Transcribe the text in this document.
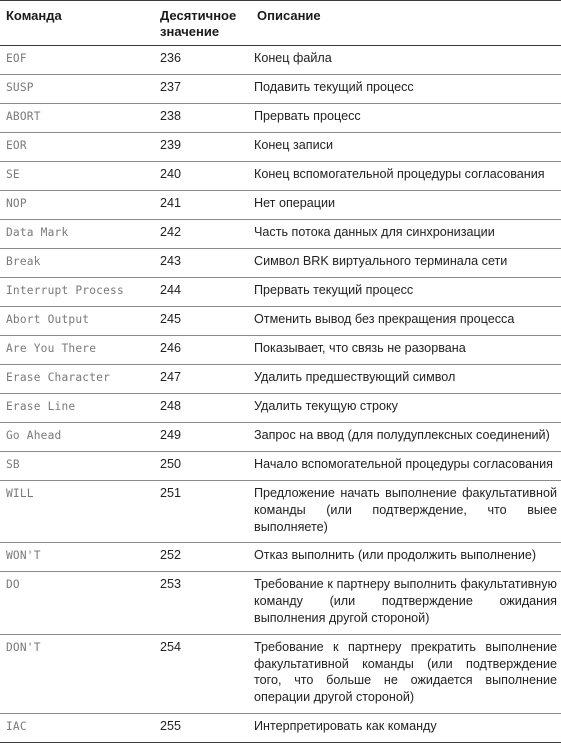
Команда	Десятичное значение	Описание
EOF	236	Конец файла
SUSP	237	Подавить текущий процесс
ABORT	238	Прервать процесс
EOR	239	Конец записи
SE	240	Конец вспомогательной процедуры согласования
NOP	241	Нет операции
Data Mark	242	Часть потока данных для синхронизации
Break	243	Символ BRK виртуального терминала сети
Interrupt Process	244	Прервать текущий процесс
Abort Output	245	Отменить вывод без прекращения процесса
Are You There	246	Показывает, что связь не разорвана
Erase Character	247	Удалить предшествующий символ
Erase Line	248	Удалить текущую строку
Go Ahead	249	Запрос на ввод (для полудуплексных соединений)
SB	250	Начало вспомогательной процедуры согласования
WILL	251	Предложение начать выполнение факультативной команды (или подтверждение, что выее выполняете)
WON'T	252	Отказ выполнить (или продолжить выполнение)
DO	253	Требование к партнеру выполнить факультативную команду (или подтверждение ожидания выполнения другой стороной)
DON'T	254	Требование к партнеру прекратить выполнение факультативной команды (или подтверждение того, что больше не ожидается выполнение операции другой стороной)
IAC	255	Интерпретировать как команду
